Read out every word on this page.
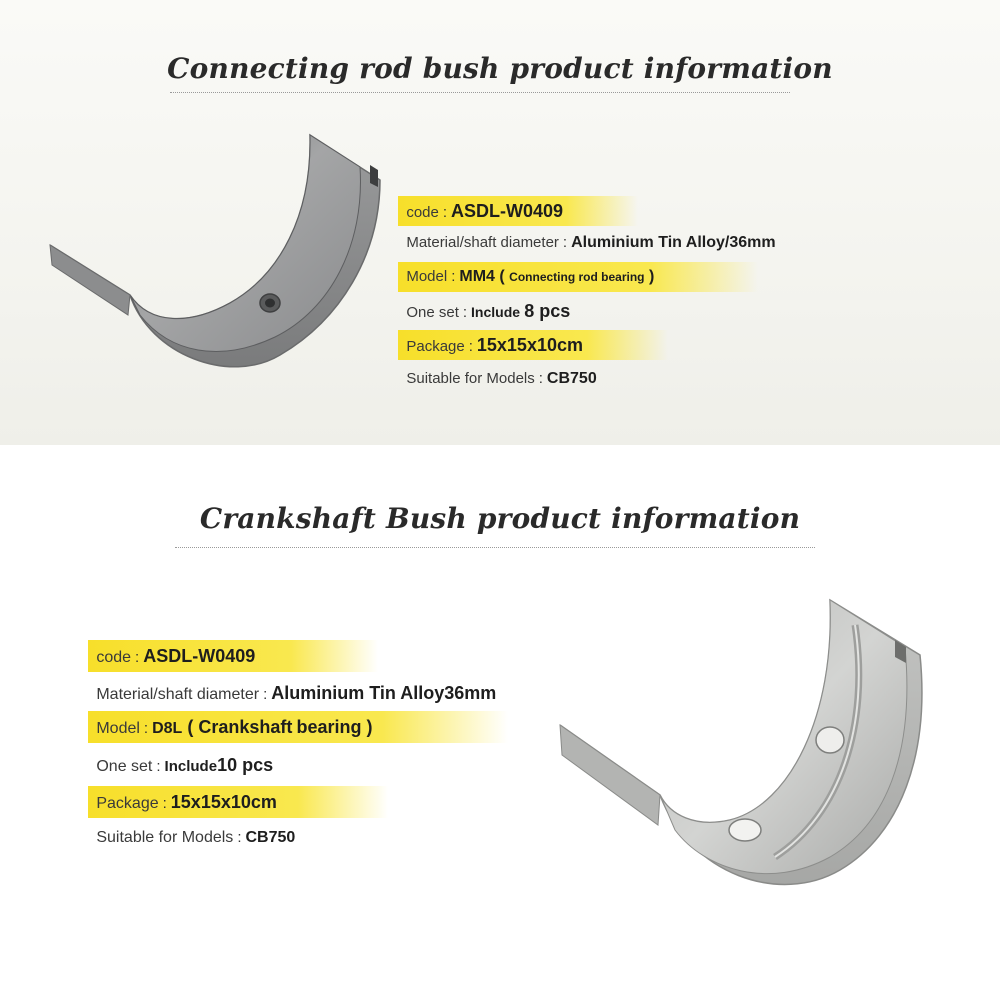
Connecting rod bush product information
code : ASDL-W0409
Material/shaft diameter : Aluminium Tin Alloy/36mm
Model : MM4 ( Connecting rod bearing )
One set : Include 8 pcs
Package : 15x15x10cm
Suitable for Models : CB750
Crankshaft Bush product information
code : ASDL-W0409
Material/shaft diameter : Aluminium Tin Alloy36mm
Model : D8L ( Crankshaft bearing )
One set : Include10 pcs
Package : 15x15x10cm
Suitable for Models : CB750
